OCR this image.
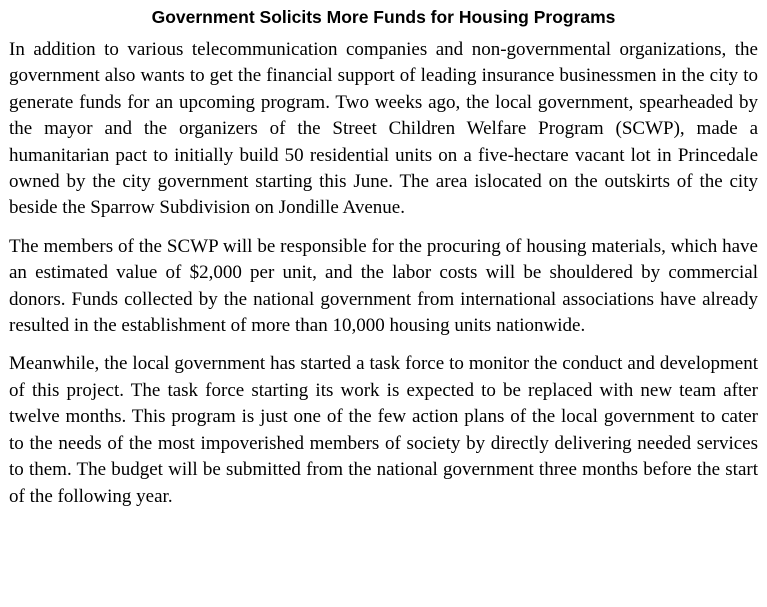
Government Solicits More Funds for Housing Programs

In addition to various telecommunication companies and non-governmental organizations, the government also wants to get the financial support of leading insurance businessmen in the city to generate funds for an upcoming program. Two weeks ago, the local government, spearheaded by the mayor and the organizers of the Street Children Welfare Program (SCWP), made a humanitarian pact to initially build 50 residential units on a five-hectare vacant lot in Princedale owned by the city government starting this June. The area islocated on the outskirts of the city beside the Sparrow Subdivision on Jondille Avenue.

The members of the SCWP will be responsible for the procuring of housing materials, which have an estimated value of $2,000 per unit, and the labor costs will be shouldered by commercial donors. Funds collected by the national government from international associations have already resulted in the establishment of more than 10,000 housing units nationwide.

Meanwhile, the local government has started a task force to monitor the conduct and development of this project. The task force starting its work is expected to be replaced with new team after twelve months. This program is just one of the few action plans of the local government to cater to the needs of the most impoverished members of society by directly delivering needed services to them. The budget will be submitted from the national government three months before the start of the following year.
